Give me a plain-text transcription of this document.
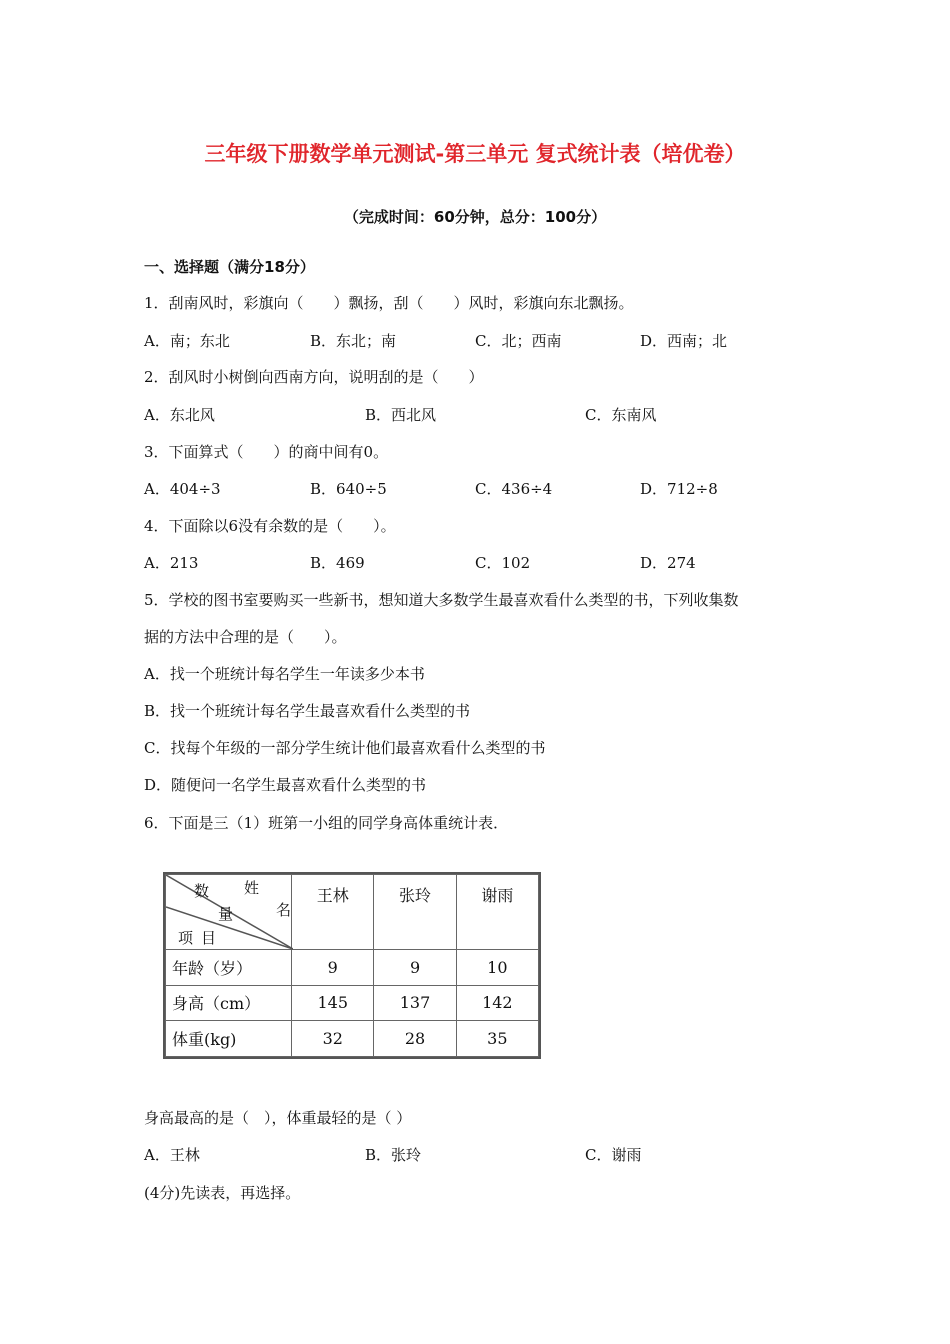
三年级下册数学单元测试-第三单元 复式统计表（培优卷）
（完成时间：60分钟，总分：100分）
一、选择题（满分18分）
1．刮南风时，彩旗向（　　）飘扬，刮（　　）风时，彩旗向东北飘扬。
A．南；东北	B．东北；南	C．北；西南	D．西南；北
2．刮风时小树倒向西南方向，说明刮的是（　　）
A．东北风	B．西北风	C．东南风
3．下面算式（　　）的商中间有0。
A．404÷3	B．640÷5	C．436÷4	D．712÷8
4．下面除以6没有余数的是（　　）。
A．213	B．469	C．102	D．274
5．学校的图书室要购买一些新书，想知道大多数学生最喜欢看什么类型的书，下列收集数
据的方法中合理的是（　　）。
A．找一个班统计每名学生一年读多少本书
B．找一个班统计每名学生最喜欢看什么类型的书
C．找每个年级的一部分学生统计他们最喜欢看什么类型的书
D．随便问一名学生最喜欢看什么类型的书
6．下面是三（1）班第一小组的同学身高体重统计表．
姓
名
数
量
项目	王林	张玲	谢雨
年龄（岁）	9	9	10
身高（cm）	145	137	142
体重(kg)	32	28	35
身高最高的是（　），体重最轻的是（ ）
A．王林	B．张玲	C．谢雨
(4分)先读表，再选择。
